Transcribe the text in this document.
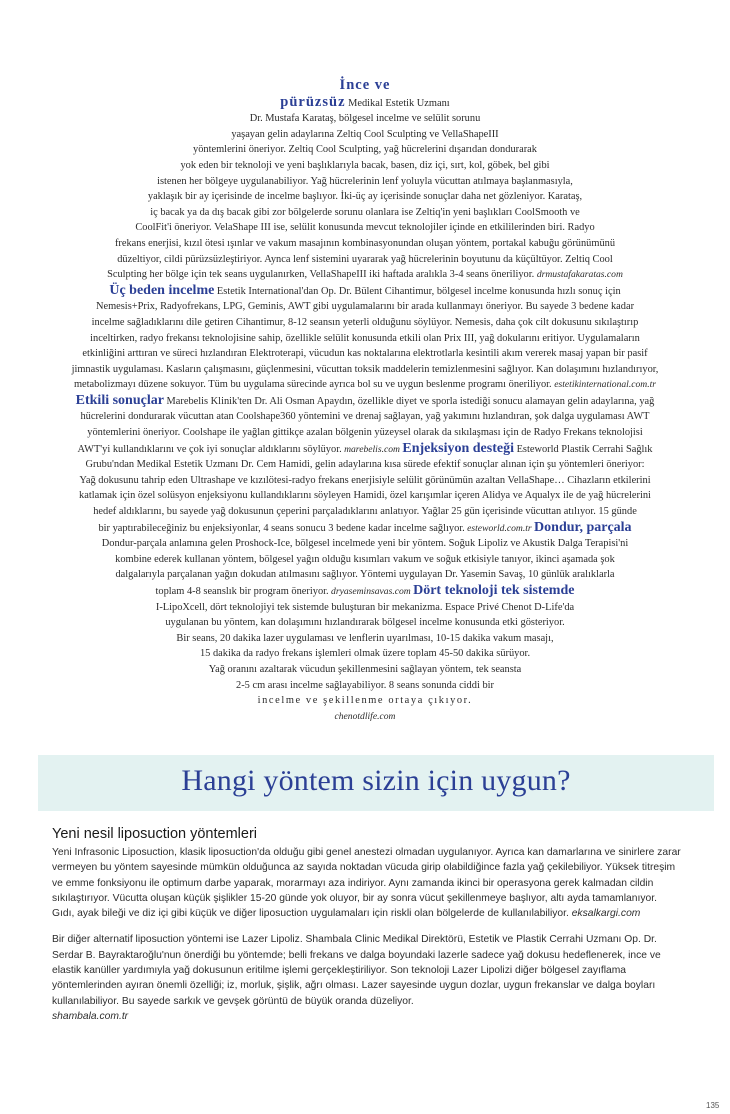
İnce ve
pürüzsüz Medikal Estetik Uzmanı
Dr. Mustafa Karataş, bölgesel incelme ve selülit sorunu
yaşayan gelin adaylarına Zeltiq Cool Sculpting ve VellaShapeIII
yöntemlerini öneriyor. Zeltiq Cool Sculpting, yağ hücrelerini dışarıdan dondurarak
yok eden bir teknoloji ve yeni başlıklarıyla bacak, basen, diz içi, sırt, kol, göbek, bel gibi
istenen her bölgeye uygulanabiliyor. Yağ hücrelerinin lenf yoluyla vücuttan atılmaya başlanmasıyla,
yaklaşık bir ay içerisinde de incelme başlıyor. İki-üç ay içerisinde sonuçlar daha net gözleniyor. Karataş,
iç bacak ya da dış bacak gibi zor bölgelerde sorunu olanlara ise Zeltiq'in yeni başlıkları CoolSmooth ve
CoolFit'i öneriyor. VelaShape III ise, selülit konusunda mevcut teknolojiler içinde en etkililerinden biri. Radyo
frekans enerjisi, kızıl ötesi ışınlar ve vakum masajının kombinasyonundan oluşan yöntem, portakal kabuğu görünümünü
düzeltiyor, cildi pürüzsüzleştiriyor. Aynca lenf sistemini uyararak yağ hücrelerinin boyutunu da küçültüyor. Zeltiq Cool
Sculpting her bölge için tek seans uygulanırken, VellaShapeIII iki haftada aralıkla 3-4 seans öneriliyor. drmustafakaratas.com
Üç beden incelme Estetik International'dan Op. Dr. Bülent Cihantimur, bölgesel incelme konusunda hızlı sonuç için
Nemesis+Prix, Radyofrekans, LPG, Geminis, AWT gibi uygulamalarını bir arada kullanmayı öneriyor. Bu sayede 3 bedene kadar
incelme sağladıklarını dile getiren Cihantimur, 8-12 seansın yeterli olduğunu söylüyor. Nemesis, daha çok cilt dokusunu sıkılaştırıp
inceltirken, radyo frekansı teknolojisine sahip, özellikle selülit konusunda etkili olan Prix III, yağ dokularını eritiyor. Uygulamaların
etkinliğini arttıran ve süreci hızlandıran Elektroterapi, vücudun kas noktalarına elektrotlarla kesintili akım vererek masaj yapan bir pasif
jimnastik uygulaması. Kasların çalışmasını, güçlenmesini, vücuttan toksik maddelerin temizlenmesini sağlıyor. Kan dolaşımını hızlandırıyor,
metabolizmayı düzene sokuyor. Tüm bu uygulama sürecinde ayrıca bol su ve uygun beslenme programı öneriliyor. estetikinternational.com.tr
Etkili sonuçlar Marebelis Klinik'ten Dr. Ali Osman Apaydın, özellikle diyet ve sporla istediği sonucu alamayan gelin adaylarına, yağ
hücrelerini dondurarak vücuttan atan Coolshape360 yöntemini ve drenaj sağlayan, yağ yakımını hızlandıran, şok dalga uygulaması AWT
yöntemlerini öneriyor. Coolshape ile yağlan gittikçe azalan bölgenin yüzeysel olarak da sıkılaşması için de Radyo Frekans teknolojisi
AWT'yi kullandıklarını ve çok iyi sonuçlar aldıklarını söylüyor. marebelis.com Enjeksiyon desteği Esteworld Plastik Cerrahi Sağlık
Grubu'ndan Medikal Estetik Uzmanı Dr. Cem Hamidi, gelin adaylarına kısa sürede efektif sonuçlar alınan için şu yöntemleri öneriyor:
Yağ dokusunu tahrip eden Ultrashape ve kızılötesi-radyo frekans enerjisiyle selülit görünümün azaltan VellaShape… Cihazların etkilerini
katlamak için özel solüsyon enjeksiyonu kullandıklarını söyleyen Hamidi, özel karışımlar içeren Alidya ve Aqualyx ile de yağ hücrelerini
hedef aldıklarını, bu sayede yağ dokusunun çeperini parçaladıklarını anlatıyor. Yağlar 25 gün içerisinde vücuttan atılıyor. 15 günde
bir yaptırabileceğiniz bu enjeksiyonlar, 4 seans sonucu 3 bedene kadar incelme sağlıyor. esteworld.com.tr Dondur, parçala
Dondur-parçala anlamına gelen Proshock-Ice, bölgesel incelmede yeni bir yöntem. Soğuk Lipoliz ve Akustik Dalga Terapisi'ni
kombine ederek kullanan yöntem, bölgesel yağın olduğu kısımları vakum ve soğuk etkisiyle tanıyor, ikinci aşamada şok
dalgalarıyla parçalanan yağın dokudan atılmasını sağlıyor. Yöntemi uygulayan Dr. Yasemin Savaş, 10 günlük aralıklarla
toplam 4-8 seanslık bir program öneriyor. dryaseminsavas.com Dört teknoloji tek sistemde
I-LipoXcell, dört teknolojiyi tek sistemde buluşturan bir mekanizma. Espace Privé Chenot D-Life'da
uygulanan bu yöntem, kan dolaşımını hızlandırarak bölgesel incelme konusunda etki gösteriyor.
Bir seans, 20 dakika lazer uygulaması ve lenflerin uyarılması, 10-15 dakika vakum masajı,
15 dakika da radyo frekans işlemleri olmak üzere toplam 45-50 dakika sürüyor.
Yağ oranını azaltarak vücudun şekillenmesini sağlayan yöntem, tek seansta
2-5 cm arası incelme sağlayabiliyor. 8 seans sonunda ciddi bir
incelme ve şekillenme ortaya çıkıyor.
chenotdlife.com
Hangi yöntem sizin için uygun?
Yeni nesil liposuction yöntemleri

Yeni Infrasonic Liposuction, klasik liposuction'da olduğu gibi genel anestezi olmadan uygulanıyor. Ayrıca kan damarlarına ve sinirlere zarar vermeyen bu yöntem sayesinde mümkün olduğunca az sayıda noktadan vücuda girip olabildiğince fazla yağ çekilebiliyor. Yüksek titreşim ve emme fonksiyonu ile optimum darbe yaparak, morarmayı aza indiriyor. Aynı zamanda ikinci bir operasyona gerek kalmadan cildin sıkılaştırıyor. Vücutta oluşan küçük şişlikler 15-20 günde yok oluyor, bir ay sonra vücut şekillenmeye başlıyor, altı ayda tamamlanıyor. Gıdı, ayak bileği ve diz içi gibi küçük ve diğer liposuction uygulamaları için riskli olan bölgelerde de kullanılabiliyor. eksalkargi.com

Bir diğer alternatif liposuction yöntemi ise Lazer Lipoliz. Shambala Clinic Medikal Direktörü, Estetik ve Plastik Cerrahi Uzmanı Op. Dr. Serdar B. Bayraktaroğlu'nun önerdiği bu yöntemde; belli frekans ve dalga boyundaki lazerle sadece yağ dokusu hedeflenerek, ince ve elastik kanüller yardımıyla yağ dokusunun eritilme işlemi gerçekleştiriliyor. Son teknoloji Lazer Lipolizi diğer bölgesel zayıflama yöntemlerinden ayıran önemli özelliği; iz, morluk, şişlik, ağrı olması. Lazer sayesinde uygun dozlar, uygun frekanslar ve dalga boyları kullanılabiliyor. Bu sayede sarkık ve gevşek görüntü de büyük oranda düzeliyor.
shambala.com.tr

135
